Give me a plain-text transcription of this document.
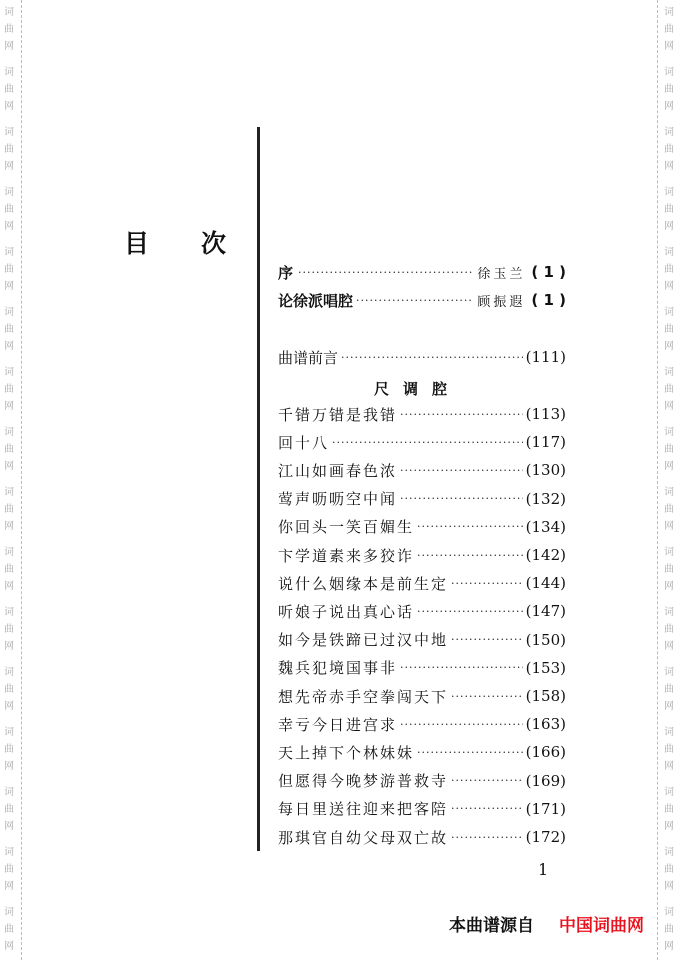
词
曲
网
词
曲
网
词
曲
网
词
曲
网
词
曲
网
词
曲
网
词
曲
网
词
曲
网
词
曲
网
词
曲
网
词
曲
网
词
曲
网
词
曲
网
词
曲
网
词
曲
网
词
曲
网
词
曲
网
词
曲
网
词
曲
网
词
曲
网
词
曲
网
词
曲
网
词
曲
网
词
曲
网
词
曲
网
词
曲
网
词
曲
网
词
曲
网
词
曲
网
词
曲
网
词
曲
网
词
曲
网
目 次
序 ·····	徐玉兰 ( 1 )
论徐派唱腔 ·····	顾振遐 ( 1 )
曲谱前言 ·····	(111)
千错万错是我错 ·····	(113)
回十八 ·····	(117)
江山如画春色浓 ·····	(130)
莺声呖呖空中闻 ·····	(132)
你回头一笑百媚生 ·····	(134)
卞学道素来多狡诈 ·····	(142)
说什么姻缘本是前生定 ·····	(144)
听娘子说出真心话 ·····	(147)
如今是铁蹄已过汉中地 ·····	(150)
魏兵犯境国事非 ·····	(153)
想先帝赤手空拳闯天下 ·····	(158)
幸亏今日进宫求 ·····	(163)
天上掉下个林妹妹 ·····	(166)
但愿得今晚梦游普救寺 ·····	(169)
每日里送往迎来把客陪 ·····	(171)
那琪官自幼父母双亡故 ·····	(172)
尺调腔
1
本曲谱源自 中国词曲网
